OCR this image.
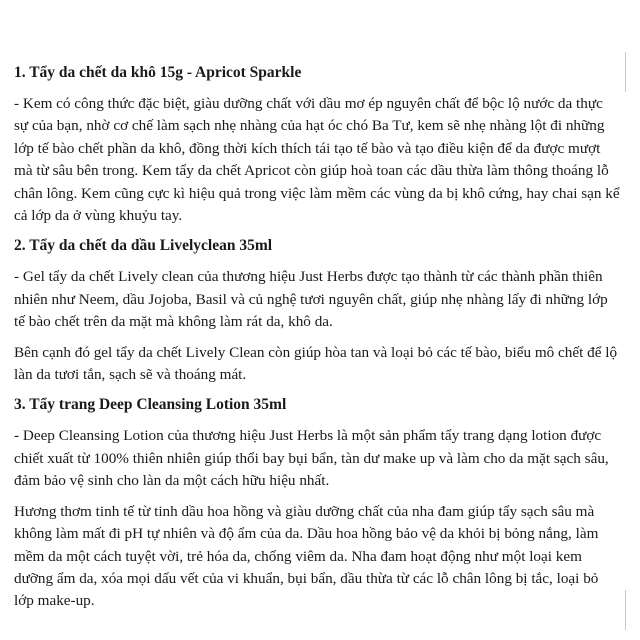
1. Tẩy da chết da khô 15g - Apricot Sparkle

- Kem có công thức đặc biệt, giàu dưỡng chất với dầu mơ ép nguyên chất để bộc lộ nước da thực sự của bạn, nhờ cơ chế làm sạch nhẹ nhàng của hạt óc chó Ba Tư, kem sẽ nhẹ nhàng lột đi những lớp tế bào chết phần da khô, đồng thời kích thích tái tạo tế bào và tạo điều kiện để da được mượt mà từ sâu bên trong. Kem tẩy da chết Apricot còn giúp hoà toan các dầu thừa làm thông thoáng lỗ chân lông. Kem cũng cực kì hiệu quả trong việc làm mềm các vùng da bị khô cứng, hay chai sạn kể cả lớp da ở vùng khuỷu tay.

2. Tẩy da chết da dầu Livelyclean 35ml

- Gel tẩy da chết Lively clean của thương hiệu Just Herbs được tạo thành từ các thành phần thiên nhiên như Neem, dầu Jojoba, Basil và củ nghệ tươi nguyên chất, giúp nhẹ nhàng lấy đi những lớp tế bào chết trên da mặt mà không làm rát da, khô da.

Bên cạnh đó gel tẩy da chết Lively Clean còn giúp hòa tan và loại bỏ các tế bào, biểu mô chết để lộ làn da tươi tắn, sạch sẽ và thoáng mát.

3. Tẩy trang Deep Cleansing Lotion 35ml

- Deep Cleansing Lotion của thương hiệu Just Herbs là một sản phẩm tẩy trang dạng lotion được chiết xuất từ 100% thiên nhiên giúp thổi bay bụi bẩn, tàn dư make up và làm cho da mặt sạch sâu, đảm bảo vệ sinh cho làn da một cách hữu hiệu nhất.

Hương thơm tinh tế từ tinh dầu hoa hồng và giàu dưỡng chất của nha đam giúp tẩy sạch sâu mà không làm mất đi pH tự nhiên và độ ẩm của da. Dầu hoa hồng bảo vệ da khỏi bị bỏng nắng, làm mềm da một cách tuyệt vời, trẻ hóa da, chống viêm da. Nha đam hoạt động như một loại kem dưỡng ẩm da, xóa mọi dấu vết của vi khuẩn, bụi bẩn, dầu thừa từ các lỗ chân lông bị tắc, loại bỏ lớp make-up.
